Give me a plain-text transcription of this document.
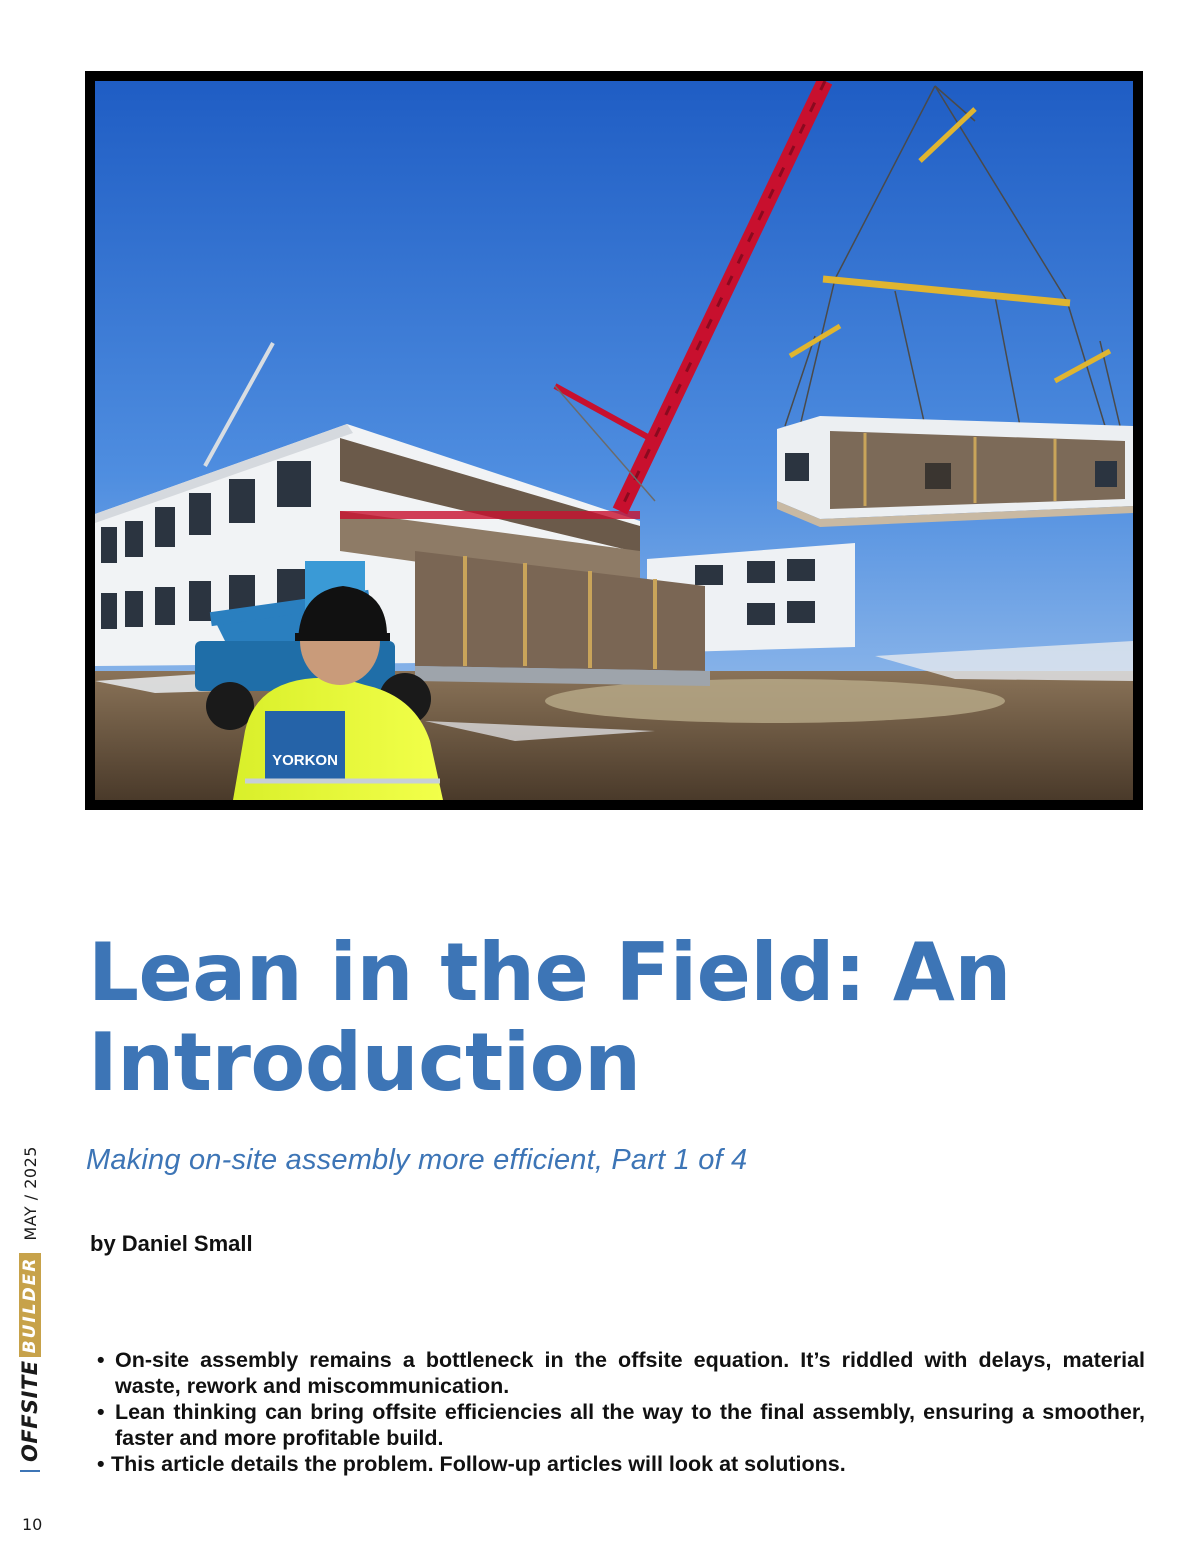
YORKON
Lean in the Field: An Introduction

Making on-site assembly more efficient, Part 1 of 4

by Daniel Small

• On-site assembly remains a bottleneck in the offsite equation. It’s riddled with delays, material waste, rework and miscommunication.
• Lean thinking can bring offsite efficiencies all the way to the final assembly, ensuring a smoother, faster and more profitable build.
• This article details the problem. Follow-up articles will look at solutions.
OFFSITE
BUILDER
MAY / 2025

10
